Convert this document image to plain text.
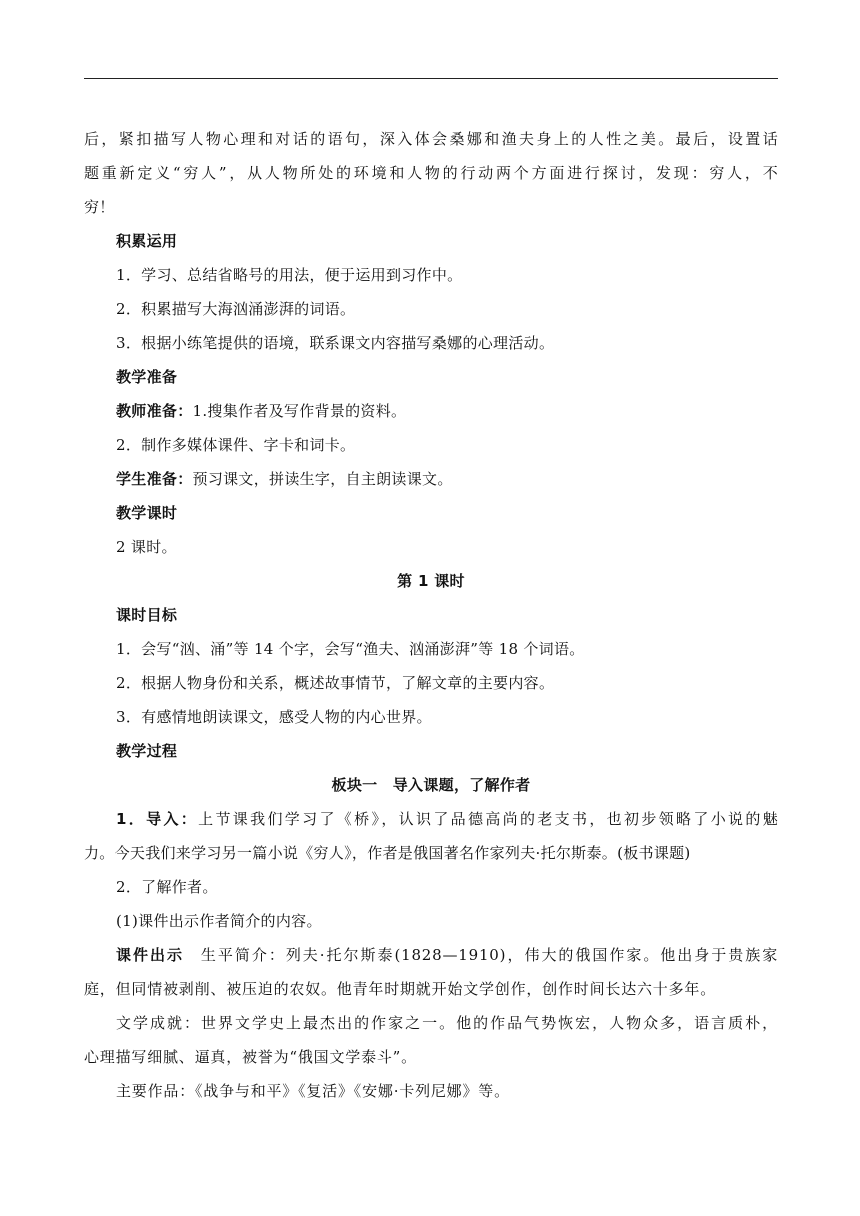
后，紧扣描写人物心理和对话的语句，深入体会桑娜和渔夫身上的人性之美。最后，设置话
题重新定义“穷人”，从人物所处的环境和人物的行动两个方面进行探讨，发现：穷人，不
穷！
积累运用
1．学习、总结省略号的用法，便于运用到习作中。
2．积累描写大海汹涌澎湃的词语。
3．根据小练笔提供的语境，联系课文内容描写桑娜的心理活动。
教学准备
教师准备：1.搜集作者及写作背景的资料。
2．制作多媒体课件、字卡和词卡。
学生准备：预习课文，拼读生字，自主朗读课文。
教学课时
2 课时。
第 1 课时
课时目标
1．会写“汹、涌”等 14 个字，会写“渔夫、汹涌澎湃”等 18 个词语。
2．根据人物身份和关系，概述故事情节，了解文章的主要内容。
3．有感情地朗读课文，感受人物的内心世界。
教学过程
板块一　导入课题，了解作者
1．导入：上节课我们学习了《桥》，认识了品德高尚的老支书，也初步领略了小说的魅
力。今天我们来学习另一篇小说《穷人》，作者是俄国著名作家列夫·托尔斯泰。(板书课题)
2．了解作者。
(1)课件出示作者简介的内容。
课件出示　 生平简介：列夫·托尔斯泰(1828—1910)，伟大的俄国作家。他出身于贵族家
庭，但同情被剥削、被压迫的农奴。他青年时期就开始文学创作，创作时间长达六十多年。
文学成就：世界文学史上最杰出的作家之一。他的作品气势恢宏，人物众多，语言质朴，
心理描写细腻、逼真，被誉为“俄国文学泰斗”。
主要作品：《战争与和平》《复活》《安娜·卡列尼娜》等。
